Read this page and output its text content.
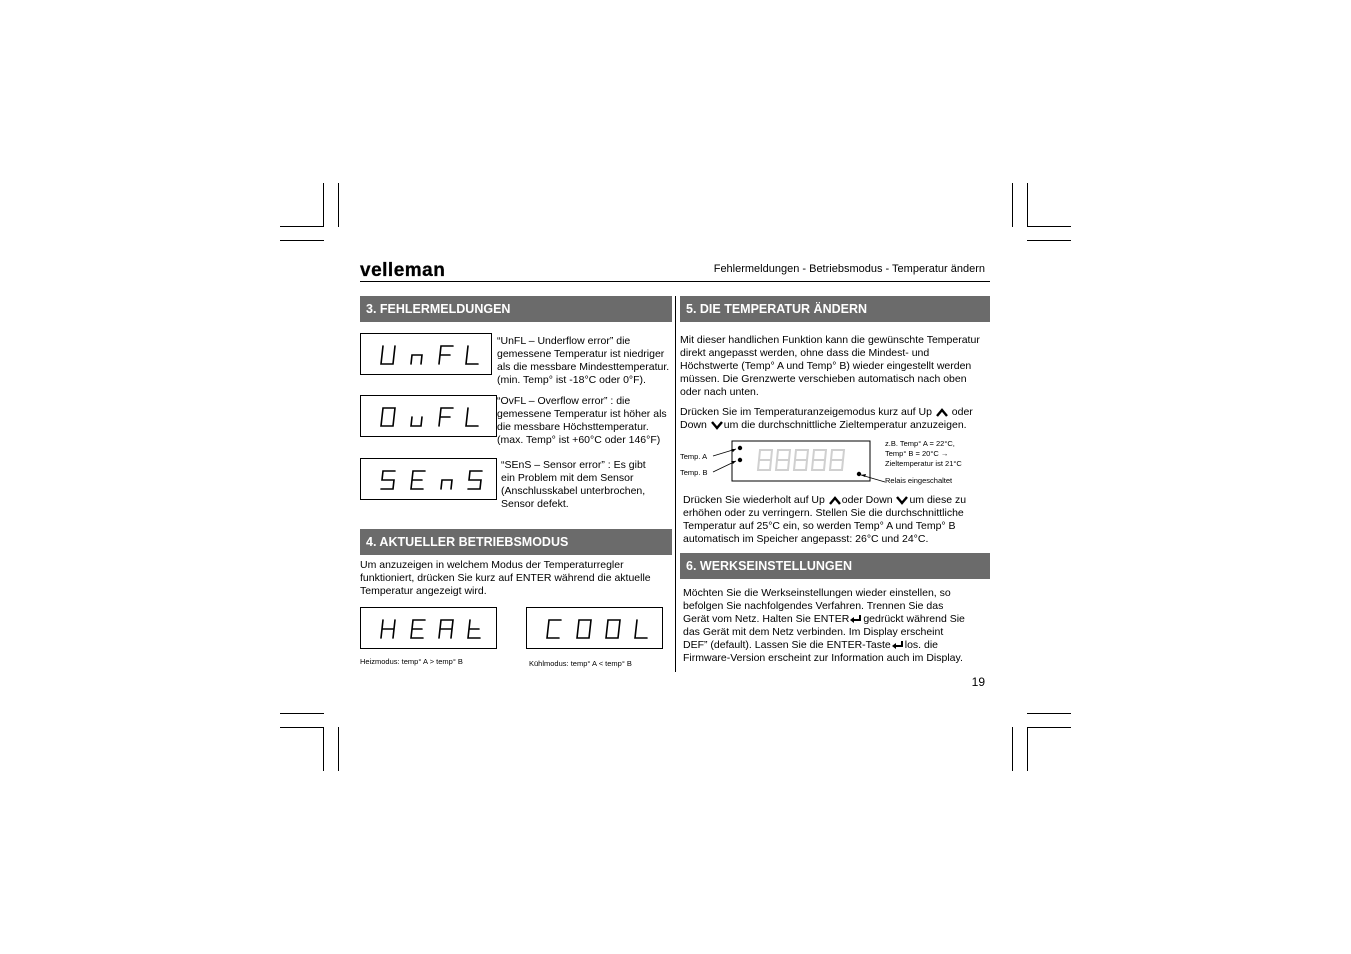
velleman	Fehlermeldungen - Betriebsmodus - Temperatur ändern
3. FEHLERMELDUNGEN
“UnFL – Underflow error” die
gemessene Temperatur ist niedriger
als die messbare Mindesttemperatur.
(min. Temp° ist -18°C oder 0°F).
“OvFL – Overflow error” : die
gemessene Temperatur ist höher als
die messbare Höchsttemperatur.
(max. Temp° ist +60°C oder 146°F)
“SEnS – Sensor error” : Es gibt
ein Problem mit dem Sensor
(Anschlusskabel unterbrochen,
Sensor defekt.
4. AKTUELLER BETRIEBSMODUS
Um anzuzeigen in welchem Modus der Temperaturregler
funktioniert, drücken Sie kurz auf ENTER während die aktuelle
Temperatur angezeigt wird.
Heizmodus: temp° A > temp° B	Kühlmodus: temp° A < temp° B
5. DIE TEMPERATUR ÄNDERN
Mit dieser handlichen Funktion kann die gewünschte Temperatur
direkt angepasst werden, ohne dass die Mindest- und
Höchstwerte (Temp° A und Temp° B) wieder eingestellt werden
müssen. Die Grenzwerte verschieben automatisch nach oben
oder nach unten.
Drücken Sie im Temperaturanzeigemodus kurz auf Up oder
Down um die durchschnittliche Zieltemperatur anzuzeigen.
Temp. A
Temp. B
z.B. Temp° A = 22°C,
Temp° B = 20°C →
Zieltemperatur ist 21°C
Relais eingeschaltet
Drücken Sie wiederholt auf Up oder Down um diese zu
erhöhen oder zu verringern. Stellen Sie die durchschnittliche
Temperatur auf 25°C ein, so werden Temp° A und Temp° B
automatisch im Speicher angepasst: 26°C und 24°C.
6. WERKSEINSTELLUNGEN
Möchten Sie die Werkseinstellungen wieder einstellen, so
befolgen Sie nachfolgendes Verfahren. Trennen Sie das
Gerät vom Netz. Halten Sie ENTER gedrückt während Sie
das Gerät mit dem Netz verbinden. Im Display erscheint
DEF” (default). Lassen Sie die ENTER-Taste los. die
Firmware-Version erscheint zur Information auch im Display.
19
